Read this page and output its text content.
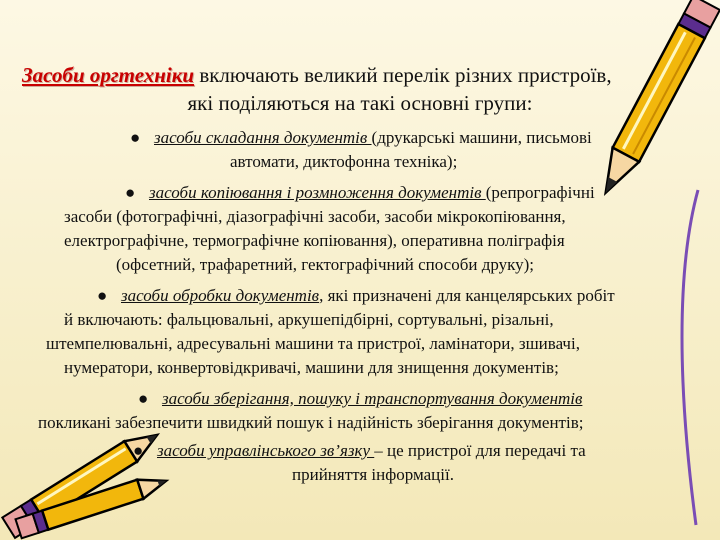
Засоби оргтехніки включають великий перелік різних пристроїв,

які поділяються на такі основні групи:

● засоби складання документів (друкарські машини, письмові

автомати, диктофонна техніка);

● засоби копіювання і розмноження документів (репрографічні

засоби (фотографічні, діазографічні засоби, засоби мікрокопіювання,

електрографічне, термографічне копіювання), оперативна поліграфія

(офсетний, трафаретний, гектографічний способи друку);

● засоби обробки документів, які призначені для канцелярських робіт

й включають: фальцювальні, аркушепідбірні, сортувальні, різальні,

штемпелювальні, адресувальні машини та пристрої, ламінатори, зшивачі,

нумератори, конвертовідкривачі, машини для знищення документів;

● засоби зберігання, пошуку і транспортування документів

покликані забезпечити швидкий пошук і надійність зберігання документів;

● засоби управлінського зв’язку – це пристрої для передачі та

прийняття інформації.
